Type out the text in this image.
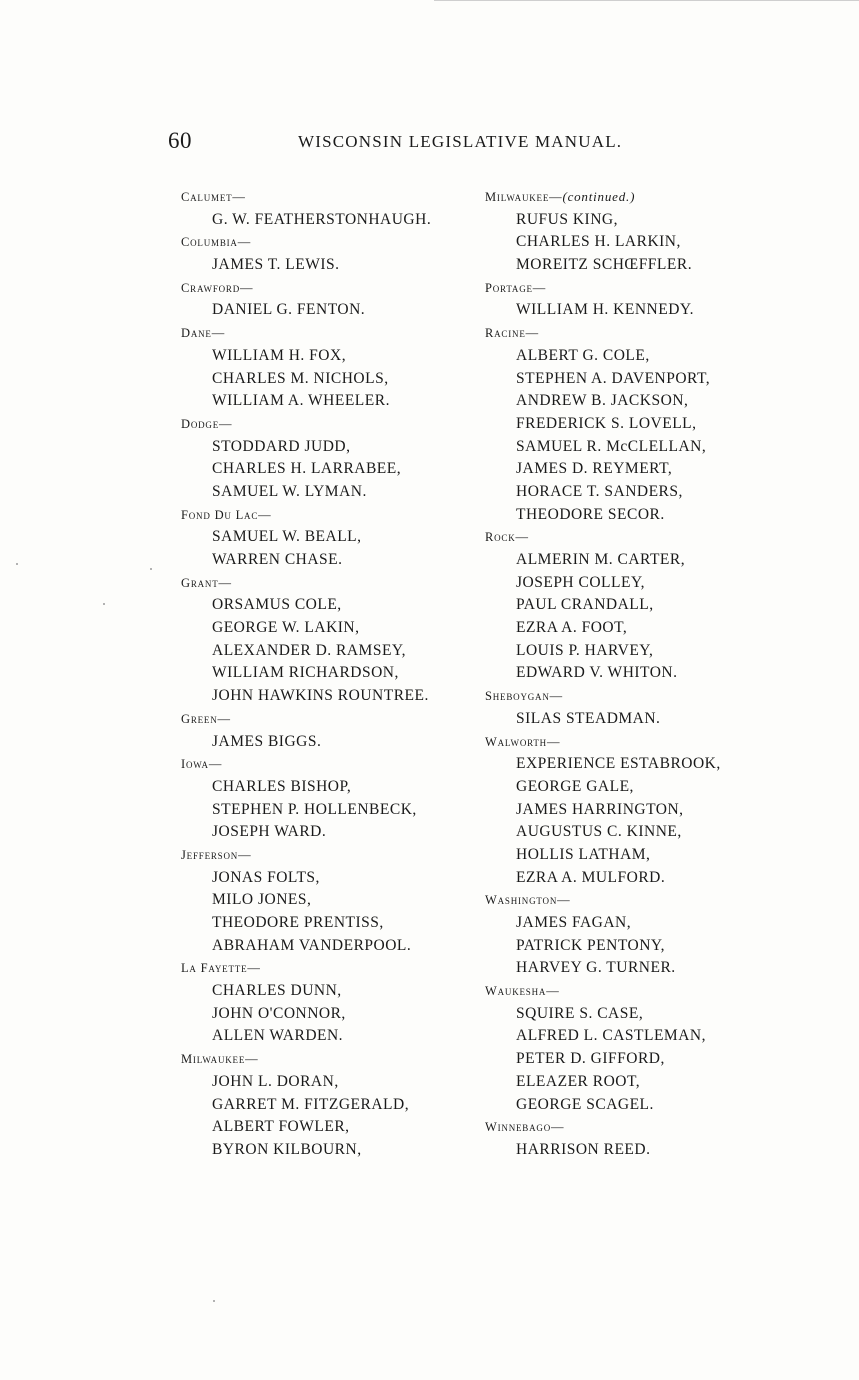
60	WISCONSIN LEGISLATIVE MANUAL.
Calumet—
G. W. FEATHERSTONHAUGH.
Columbia—
JAMES T. LEWIS.
Crawford—
DANIEL G. FENTON.
Dane—
WILLIAM H. FOX,
CHARLES M. NICHOLS,
WILLIAM A. WHEELER.
Dodge—
STODDARD JUDD,
CHARLES H. LARRABEE,
SAMUEL W. LYMAN.
Fond Du Lac—
SAMUEL W. BEALL,
WARREN CHASE.
Grant—
ORSAMUS COLE,
GEORGE W. LAKIN,
ALEXANDER D. RAMSEY,
WILLIAM RICHARDSON,
JOHN HAWKINS ROUNTREE.
Green—
JAMES BIGGS.
Iowa—
CHARLES BISHOP,
STEPHEN P. HOLLENBECK,
JOSEPH WARD.
Jefferson—
JONAS FOLTS,
MILO JONES,
THEODORE PRENTISS,
ABRAHAM VANDERPOOL.
La Fayette—
CHARLES DUNN,
JOHN O'CONNOR,
ALLEN WARDEN.
Milwaukee—
JOHN L. DORAN,
GARRET M. FITZGERALD,
ALBERT FOWLER,
BYRON KILBOURN,
Milwaukee—(continued.)
RUFUS KING,
CHARLES H. LARKIN,
MOREITZ SCHŒFFLER.
Portage—
WILLIAM H. KENNEDY.
Racine—
ALBERT G. COLE,
STEPHEN A. DAVENPORT,
ANDREW B. JACKSON,
FREDERICK S. LOVELL,
SAMUEL R. McCLELLAN,
JAMES D. REYMERT,
HORACE T. SANDERS,
THEODORE SECOR.
Rock—
ALMERIN M. CARTER,
JOSEPH COLLEY,
PAUL CRANDALL,
EZRA A. FOOT,
LOUIS P. HARVEY,
EDWARD V. WHITON.
Sheboygan—
SILAS STEADMAN.
Walworth—
EXPERIENCE ESTABROOK,
GEORGE GALE,
JAMES HARRINGTON,
AUGUSTUS C. KINNE,
HOLLIS LATHAM,
EZRA A. MULFORD.
Washington—
JAMES FAGAN,
PATRICK PENTONY,
HARVEY G. TURNER.
Waukesha—
SQUIRE S. CASE,
ALFRED L. CASTLEMAN,
PETER D. GIFFORD,
ELEAZER ROOT,
GEORGE SCAGEL.
Winnebago—
HARRISON REED.
